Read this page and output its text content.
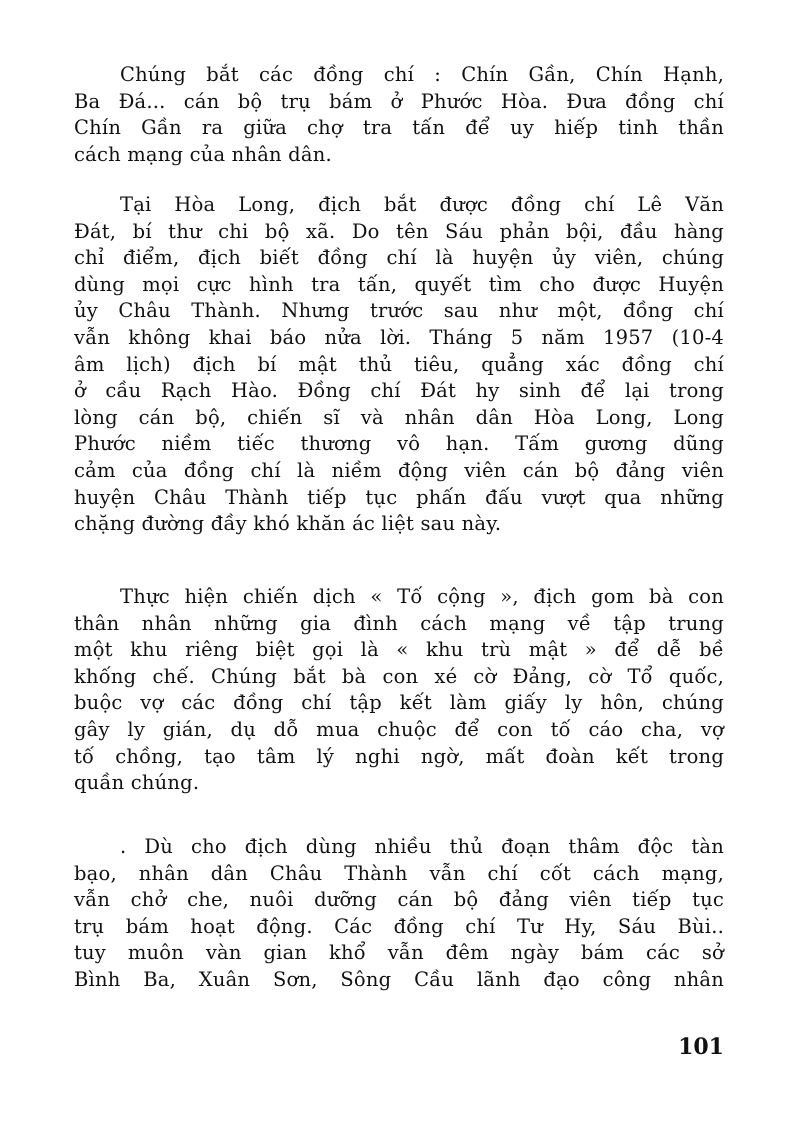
Chúng bắt các đồng chí : Chín Gần, Chín Hạnh,
Ba Đá... cán bộ trụ bám ở Phước Hòa. Đưa đồng chí
Chín Gần ra giữa chợ tra tấn để uy hiếp tinh thần
cách mạng của nhân dân.
Tại Hòa Long, địch bắt được đồng chí Lê Văn
Đát, bí thư chi bộ xã. Do tên Sáu phản bội, đầu hàng
chỉ điểm, địch biết đồng chí là huyện ủy viên, chúng
dùng mọi cực hình tra tấn, quyết tìm cho được Huyện
ủy Châu Thành. Nhưng trước sau như một, đồng chí
vẫn không khai báo nửa lời. Tháng 5 năm 1957 (10-4
âm lịch) địch bí mật thủ tiêu, quẳng xác đồng chí
ở cầu Rạch Hào. Đồng chí Đát hy sinh để lại trong
lòng cán bộ, chiến sĩ và nhân dân Hòa Long, Long
Phước niềm tiếc thương vô hạn. Tấm gương dũng
cảm của đồng chí là niềm động viên cán bộ đảng viên
huyện Châu Thành tiếp tục phấn đấu vượt qua những
chặng đường đầy khó khăn ác liệt sau này.
Thực hiện chiến dịch « Tố cộng », địch gom bà con
thân nhân những gia đình cách mạng về tập trung
một khu riêng biệt gọi là « khu trù mật » để dễ bề
khống chế. Chúng bắt bà con xé cờ Đảng, cờ Tổ quốc,
buộc vợ các đồng chí tập kết làm giấy ly hôn, chúng
gây ly gián, dụ dỗ mua chuộc để con tố cáo cha, vợ
tố chồng, tạo tâm lý nghi ngờ, mất đoàn kết trong
quần chúng.
. Dù cho địch dùng nhiều thủ đoạn thâm độc tàn
bạo, nhân dân Châu Thành vẫn chí cốt cách mạng,
vẫn chở che, nuôi dưỡng cán bộ đảng viên tiếp tục
trụ bám hoạt động. Các đồng chí Tư Hy, Sáu Bùi..
tuy muôn vàn gian khổ vẫn đêm ngày bám các sở
Bình Ba, Xuân Sơn, Sông Cầu lãnh đạo công nhân
101
